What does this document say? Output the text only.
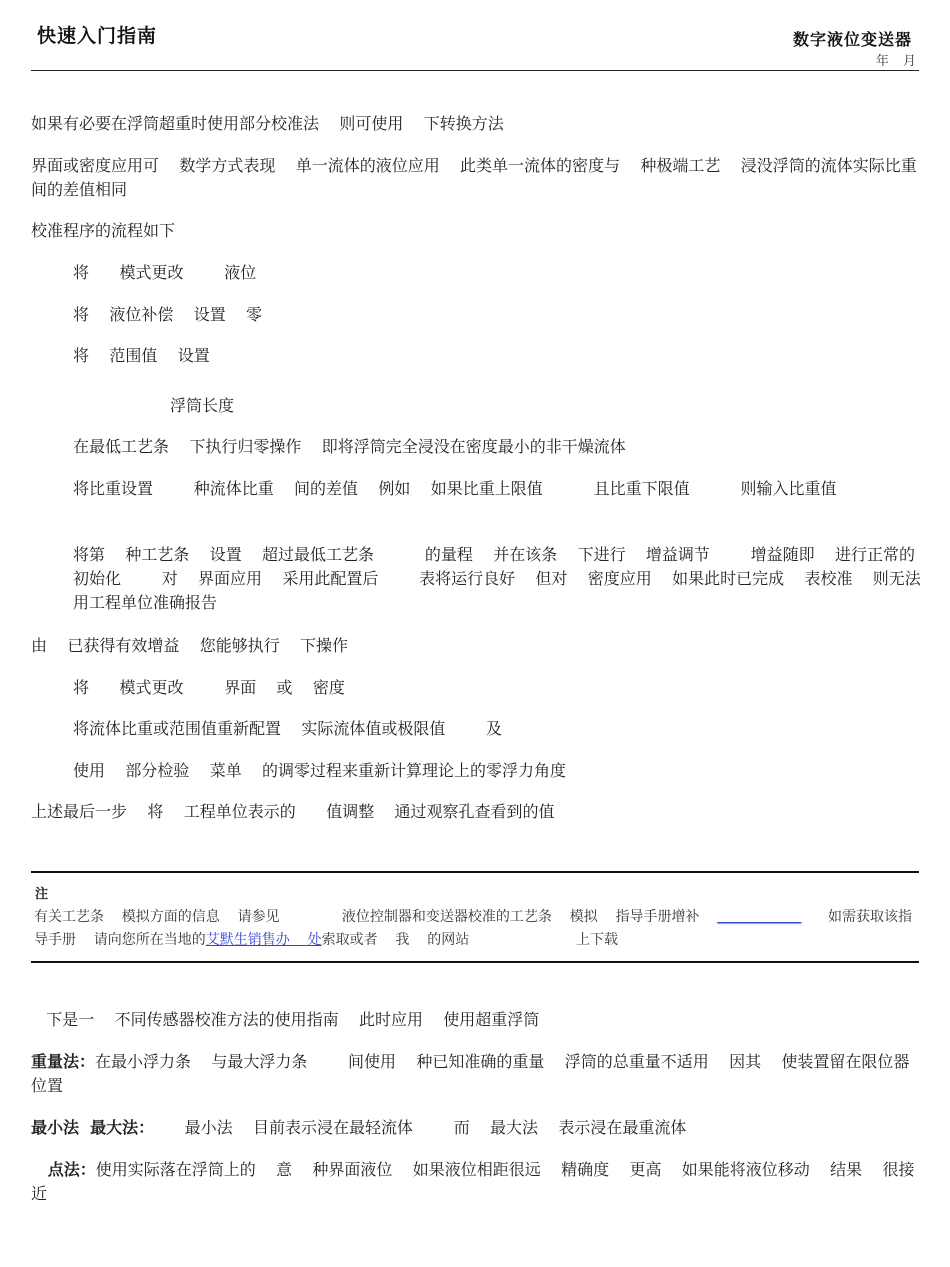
快速入门指南	数字液位变送器
年 月
如果有必要在浮筒超重时使用部分校准法    则可使用    下转换方法
界面或密度应用可    数学方式表现    单一流体的液位应用    此类单一流体的密度与    种极端工艺    浸没浮筒的流体实际比重    间的差值相同
校准程序的流程如下
将      模式更改        液位
将    液位补偿    设置    零
将    范围值    设置
浮筒长度
在最低工艺条    下执行归零操作    即将浮筒完全浸没在密度最小的非干燥流体
将比重设置        种流体比重    间的差值    例如    如果比重上限值          且比重下限值          则输入比重值
将第    种工艺条    设置    超过最低工艺条          的量程    并在该条    下进行    增益调节        增益随即    进行正常的初始化        对    界面应用    采用此配置后        表将运行良好    但对    密度应用    如果此时已完成    表校准    则无法用工程单位准确报告
由    已获得有效增益    您能够执行    下操作
将      模式更改        界面    或    密度
将流体比重或范围值重新配置    实际流体值或极限值        及
使用    部分检验    菜单    的调零过程来重新计算理论上的零浮力角度
上述最后一步    将    工程单位表示的      值调整    通过观察孔查看到的值
注
有关工艺条    模拟方面的信息    请参见              液位控制器和变送器校准的工艺条    模拟    指导手册增补    ____________      如需获取该指导手册    请向您所在当地的艾默生销售办    处索取或者    我    的网站                        上下载
下是一    不同传感器校准方法的使用指南    此时应用    使用超重浮筒
重量法：在最小浮力条    与最大浮力条        间使用    种已知准确的重量    浮筒的总重量不适用    因其    使装置留在限位器位置
最小法  最大法：      最小法    目前表示浸在最轻流体        而    最大法    表示浸在最重流体
点法：使用实际落在浮筒上的    意    种界面液位    如果液位相距很远    精确度    更高    如果能将液位移动    结果    很接近
